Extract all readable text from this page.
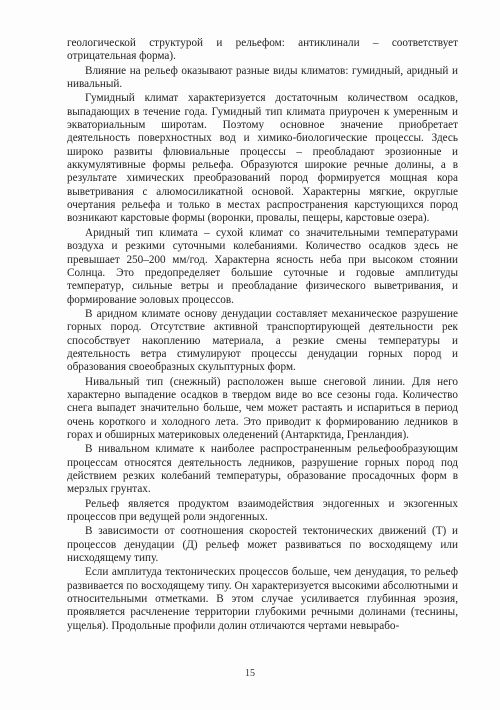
геологической структурой и рельефом: антиклинали – соответствует отрицательная форма).

Влияние на рельеф оказывают разные виды климатов: гумидный, аридный и нивальный.

Гумидный климат характеризуется достаточным количеством осадков, выпадающих в течение года. Гумидный тип климата приурочен к умеренным и экваториальным широтам. Поэтому основное значение приобретает деятельность поверхностных вод и химико-биологические процессы. Здесь широко развиты флювиальные процессы – преобладают эрозионные и аккумулятивные формы рельефа. Образуются широкие речные долины, а в результате химических преобразований пород формируется мощная кора выветривания с алюмосиликатной основой. Характерны мягкие, округлые очертания рельефа и только в местах распространения карстующихся пород возникают карстовые формы (воронки, провалы, пещеры, карстовые озера).

Аридный тип климата – сухой климат со значительными температурами воздуха и резкими суточными колебаниями. Количество осадков здесь не превышает 250–200 мм/год. Характерна ясность неба при высоком стоянии Солнца. Это предопределяет большие суточные и годовые амплитуды температур, сильные ветры и преобладание физического выветривания, и формирование эоловых процессов.

В аридном климате основу денудации составляет механическое разрушение горных пород. Отсутствие активной транспортирующей деятельности рек способствует накоплению материала, а резкие смены температуры и деятельность ветра стимулируют процессы денудации горных пород и образования своеобразных скульптурных форм.

Нивальный тип (снежный) расположен выше снеговой линии. Для него характерно выпадение осадков в твердом виде во все сезоны года. Количество снега выпадет значительно больше, чем может растаять и испариться в период очень короткого и холодного лета. Это приводит к формированию ледников в горах и обширных материковых оледенений (Антарктида, Гренландия).

В нивальном климате к наиболее распространенным рельефообразующим процессам относятся деятельность ледников, разрушение горных пород под действием резких колебаний температуры, образование просадочных форм в мерзлых грунтах.

Рельеф является продуктом взаимодействия эндогенных и экзогенных процессов при ведущей роли эндогенных.

В зависимости от соотношения скоростей тектонических движений (Т) и процессов денудации (Д) рельеф может развиваться по восходящему или нисходящему типу.

Если амплитуда тектонических процессов больше, чем денудация, то рельеф развивается по восходящему типу. Он характеризуется высокими абсолютными и относительными отметками. В этом случае усиливается глубинная эрозия, проявляется расчленение территории глубокими речными долинами (теснины, ущелья). Продольные профили долин отличаются чертами невырабо-

15
